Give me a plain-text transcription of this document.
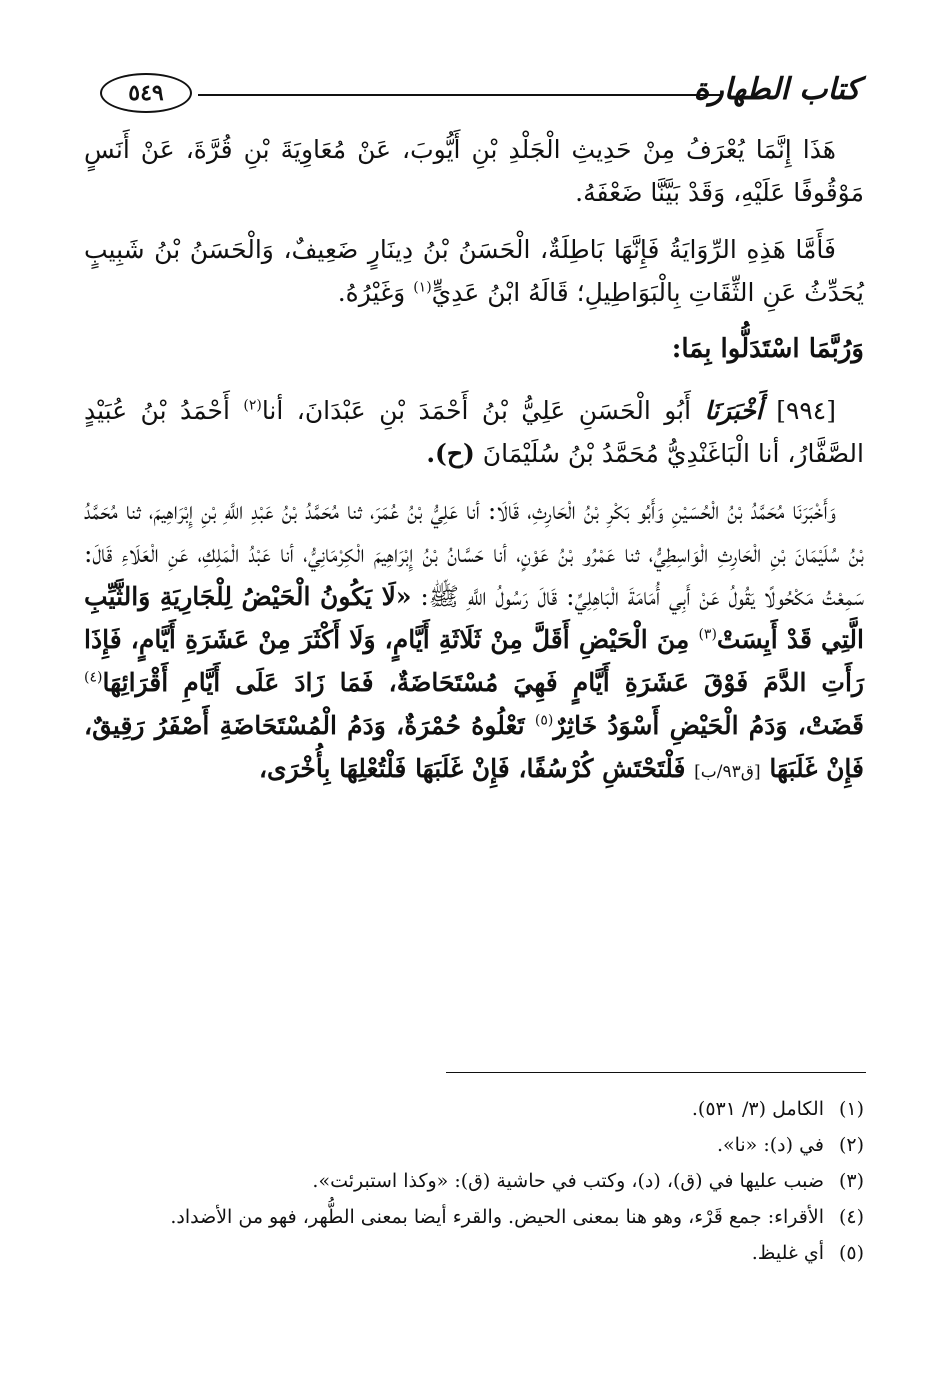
كتاب الطهارة
٥٤٩

هَذَا إِنَّمَا يُعْرَفُ مِنْ حَدِيثِ الْجَلْدِ بْنِ أَيُّوبَ، عَنْ مُعَاوِيَةَ بْنِ قُرَّةَ، عَنْ أَنَسٍ مَوْقُوفًا عَلَيْهِ، وَقَدْ بَيَّنَّا ضَعْفَهُ.

فَأَمَّا هَذِهِ الرِّوَايَةُ فَإِنَّهَا بَاطِلَةٌ، الْحَسَنُ بْنُ دِينَارٍ ضَعِيفٌ، وَالْحَسَنُ بْنُ شَبِيبٍ يُحَدِّثُ عَنِ الثِّقَاتِ بِالْبَوَاطِيلِ؛ قَالَهُ ابْنُ عَدِيٍّ$^{(١)}$ وَغَيْرُهُ.

وَرُبَّمَا اسْتَدَلُّوا بِمَا:

[٩٩٤] أَخْبَرَنَا أَبُو الْحَسَنِ عَلِيُّ بْنُ أَحْمَدَ بْنِ عَبْدَانَ، أنا$^{(٢)}$ أَحْمَدُ بْنُ عُبَيْدٍ الصَّفَّارُ، أنا الْبَاغَنْدِيُّ مُحَمَّدُ بْنُ سُلَيْمَانَ (ح).

وَأَخْبَرَنَا مُحَمَّدُ بْنُ الْحُسَيْنِ وَأَبُو بَكْرِ بْنُ الْحَارِثِ، قَالَا: أنا عَلِيُّ بْنُ عُمَرَ، ثنا مُحَمَّدُ بْنُ عَبْدِ اللَّهِ بْنِ إِبْرَاهِيمَ، ثنا مُحَمَّدُ بْنُ سُلَيْمَانَ بْنِ الْحَارِثِ الْوَاسِطِيُّ، ثنا عَمْرُو بْنُ عَوْنٍ، أنا حَسَّانُ بْنُ إِبْرَاهِيمَ الْكِرْمَانِيُّ، أنا عَبْدُ الْمَلِكِ، عَنِ الْعَلَاءِ قَالَ: سَمِعْتُ مَكْحُولًا يَقُولُ عَنْ أَبِي أُمَامَةَ الْبَاهِلِيِّ: قَالَ رَسُولُ اللَّهِ ﷺ: «لَا يَكُونُ الْحَيْضُ لِلْجَارِيَةِ وَالثَّيِّبِ الَّتِي قَدْ أَيِسَتْ$^{(٣)}$ مِنَ الْحَيْضِ أَقَلَّ مِنْ ثَلَاثَةِ أَيَّامٍ، وَلَا أَكْثَرَ مِنْ عَشَرَةِ أَيَّامٍ، فَإِذَا رَأَتِ الدَّمَ فَوْقَ عَشَرَةِ أَيَّامٍ فَهِيَ مُسْتَحَاضَةٌ، فَمَا زَادَ عَلَى أَيَّامِ أَقْرَائِهَا$^{(٤)}$ قَضَتْ، وَدَمُ الْحَيْضِ أَسْوَدُ خَاثِرٌ$^{(٥)}$ تَعْلُوهُ حُمْرَةٌ، وَدَمُ الْمُسْتَحَاضَةِ أَصْفَرُ رَقِيقٌ، فَإِنْ غَلَبَهَا [ق٩٣/ب] فَلْتَحْتَشِ كُرْسُفًا، فَإِنْ غَلَبَهَا فَلْتُعْلِهَا بِأُخْرَى،

(١)الكامل (٣/ ٥٣١).
(٢)في (د): «نا».
(٣)ضبب عليها في (ق)، (د)، وكتب في حاشية (ق): «وكذا استبرئت».
(٤)الأقراء: جمع قَرْء، وهو هنا بمعنى الحيض. والقرء أيضا بمعنى الطُّهر، فهو من الأضداد.
(٥)أي غليظ.
